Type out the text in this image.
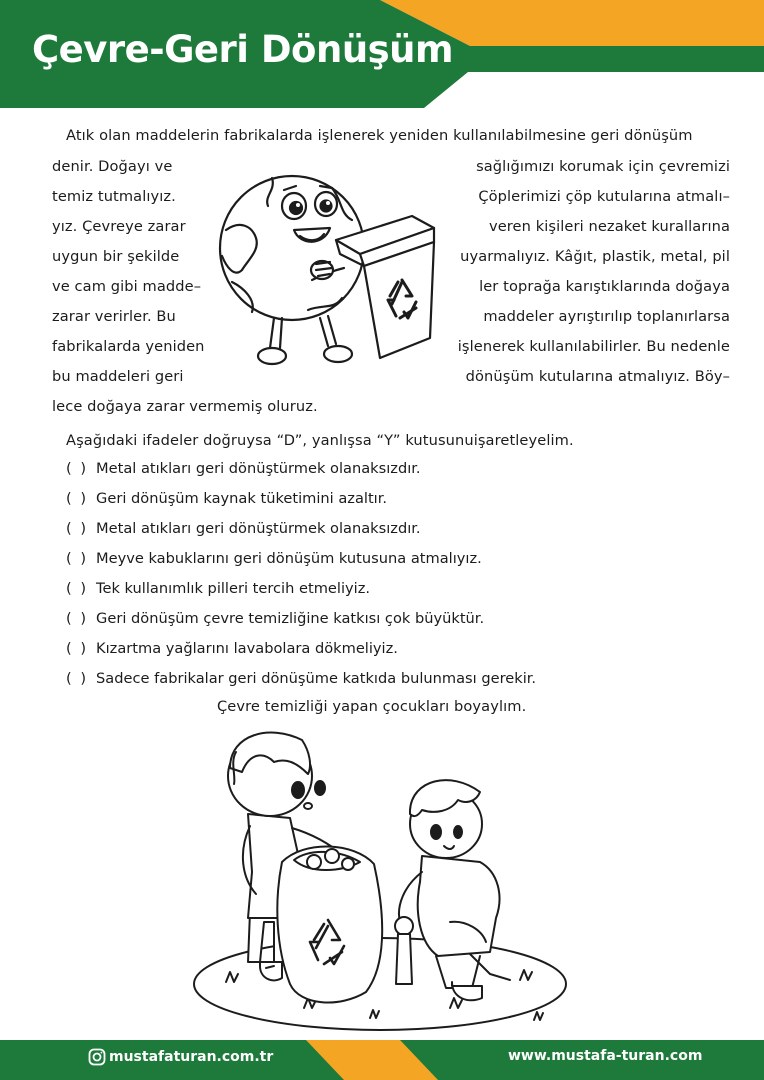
Çevre-Geri Dönüşüm
Atık olan maddelerin fabrikalarda işlenerek yeniden kullanılabilmesine geri dönüşüm
denir. Doğayı ve
temiz tutmalıyız.
yız. Çevreye zarar
uygun bir şekilde
ve cam gibi madde–
zarar verirler. Bu
fabrikalarda yeniden
bu maddeleri geri
sağlığımızı korumak için çevremizi
Çöplerimizi çöp kutularına atmalı–
veren kişileri nezaket kurallarına
uyarmalıyız. Kâğıt, plastik, metal, pil
ler toprağa karıştıklarında doğaya
maddeler ayrıştırılıp toplanırlarsa
işlenerek kullanılabilirler. Bu nedenle
dönüşüm kutularına atmalıyız. Böy–
lece doğaya zarar vermemiş oluruz.
Aşağıdaki ifadeler doğruysa “D”, yanlışsa “Y” kutusunuişaretleyelim.
( ) Metal atıkları geri dönüştürmek olanaksızdır.
( ) Geri dönüşüm kaynak tüketimini azaltır.
( ) Metal atıkları geri dönüştürmek olanaksızdır.
( ) Meyve kabuklarını geri dönüşüm kutusuna atmalıyız.
( ) Tek kullanımlık pilleri tercih etmeliyiz.
( ) Geri dönüşüm çevre temizliğine katkısı çok büyüktür.
( ) Kızartma yağlarını lavabolara dökmeliyiz.
( ) Sadece fabrikalar geri dönüşüme katkıda bulunması gerekir.
Çevre temizliği yapan çocukları boyaylım.
mustafaturan.com.tr	www.mustafa-turan.com
